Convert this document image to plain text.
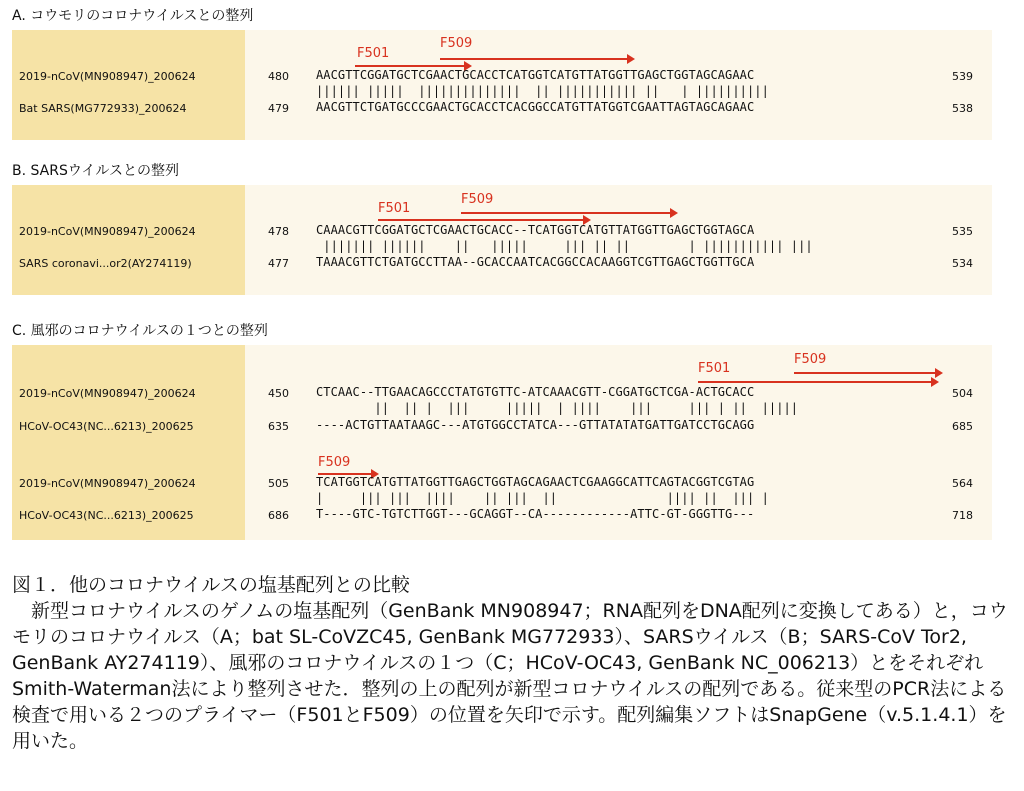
A. コウモリのコロナウイルスとの整列
F501
F509
2019-nCoV(MN908947)_200624	480 AACGTTCGGATGCTCGAACTGCACCTCATGGTCATGTTATGGTTGAGCTGGTAGCAGAAC	539
|||||| |||||  ||||||||||||||  || ||||||||||| ||   | ||||||||||
Bat SARS(MG772933)_200624	479 AACGTTCTGATGCCCGAACTGCACCTCACGGCCATGTTATGGTCGAATTAGTAGCAGAAC	538
B. SARSウイルスとの整列
F501
F509
2019-nCoV(MN908947)_200624	478 CAAACGTTCGGATGCTCGAACTGCACC--TCATGGTCATGTTATGGTTGAGCTGGTAGCA	535
||||||| ||||||    ||   |||||     ||| || ||        | ||||||||||| |||
SARS coronavi...or2(AY274119)	477 TAAACGTTCTGATGCCTTAA--GCACCAATCACGGCCACAAGGTCGTTGAGCTGGTTGCA	534
C. 風邪のコロナウイルスの１つとの整列
F501
F509
2019-nCoV(MN908947)_200624	450 CTCAAC--TTGAACAGCCCTATGTGTTC-ATCAAACGTT-CGGATGCTCGA-ACTGCACC	504
||  || |  |||     |||||  | ||||    |||     ||| | ||  |||||
HCoV-OC43(NC...6213)_200625	635 ----ACTGTTAATAAGC---ATGTGGCCTATCA---GTTATATATGATTGATCCTGCAGG	685
F509
2019-nCoV(MN908947)_200624	505 TCATGGTCATGTTATGGTTGAGCTGGTAGCAGAACTCGAAGGCATTCAGTACGGTCGTAG	564
|     ||| |||  ||||    || |||  ||               |||| ||  ||| |
HCoV-OC43(NC...6213)_200625	686 T----GTC-TGTCTTGGT---GCAGGT--CA------------ATTC-GT-GGGTTG---	718
図１．他のコロナウイルスの塩基配列との比較
新型コロナウイルスのゲノムの塩基配列（GenBank MN908947；RNA配列をDNA配列に変換してある）と，コウモリのコロナウイルス（A；bat SL-CoVZC45, GenBank MG772933）、SARSウイルス（B；SARS-CoV Tor2, GenBank AY274119）、風邪のコロナウイルスの１つ（C；HCoV-OC43, GenBank NC_006213）とをそれぞれSmith-Waterman法により整列させた．整列の上の配列が新型コロナウイルスの配列である。従来型のPCR法による検査で用いる２つのプライマー（F501とF509）の位置を矢印で示す。配列編集ソフトはSnapGene（v.5.1.4.1）を用いた。
